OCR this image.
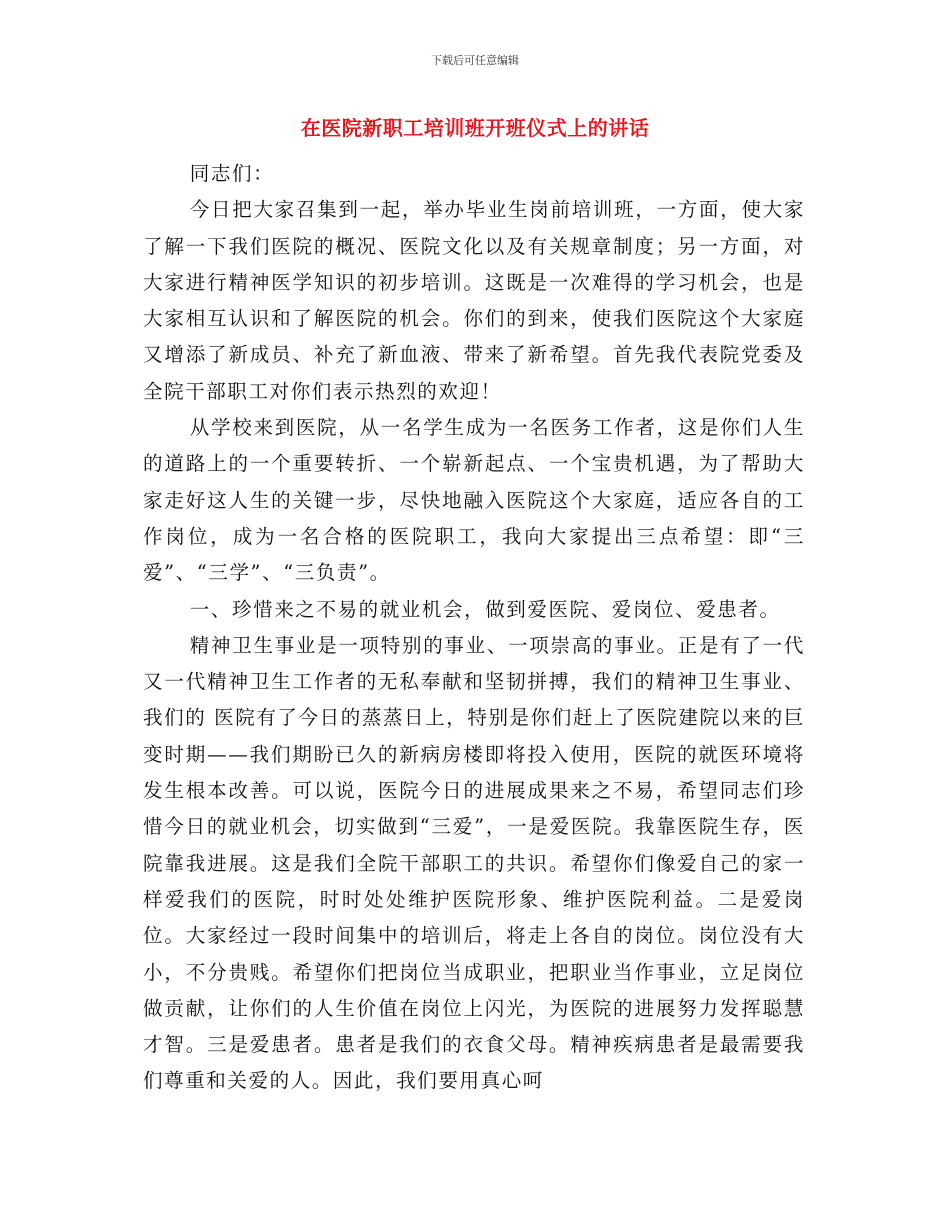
下载后可任意编辑
在医院新职工培训班开班仪式上的讲话

同志们：

今日把大家召集到一起，举办毕业生岗前培训班，一方面，使大家了解一下我们医院的概况、医院文化以及有关规章制度；另一方面，对大家进行精神医学知识的初步培训。这既是一次难得的学习机会，也是大家相互认识和了解医院的机会。你们的到来，使我们医院这个大家庭又增添了新成员、补充了新血液、带来了新希望。首先我代表院党委及全院干部职工对你们表示热烈的欢迎！

从学校来到医院，从一名学生成为一名医务工作者，这是你们人生的道路上的一个重要转折、一个崭新起点、一个宝贵机遇，为了帮助大家走好这人生的关键一步，尽快地融入医院这个大家庭，适应各自的工作岗位，成为一名合格的医院职工，我向大家提出三点希望：即“三爱”、“三学”、“三负责”。

一、珍惜来之不易的就业机会，做到爱医院、爱岗位、爱患者。

精神卫生事业是一项特别的事业、一项崇高的事业。正是有了一代又一代精神卫生工作者的无私奉献和坚韧拼搏，我们的精神卫生事业、我们的 医院有了今日的蒸蒸日上，特别是你们赶上了医院建院以来的巨变时期——我们期盼已久的新病房楼即将投入使用，医院的就医环境将发生根本改善。可以说，医院今日的进展成果来之不易，希望同志们珍惜今日的就业机会，切实做到“三爱”，一是爱医院。我靠医院生存，医院靠我进展。这是我们全院干部职工的共识。希望你们像爱自己的家一样爱我们的医院，时时处处维护医院形象、维护医院利益。二是爱岗位。大家经过一段时间集中的培训后，将走上各自的岗位。岗位没有大小，不分贵贱。希望你们把岗位当成职业，把职业当作事业，立足岗位做贡献，让你们的人生价值在岗位上闪光，为医院的进展努力发挥聪慧才智。三是爱患者。患者是我们的衣食父母。精神疾病患者是最需要我们尊重和关爱的人。因此，我们要用真心呵
